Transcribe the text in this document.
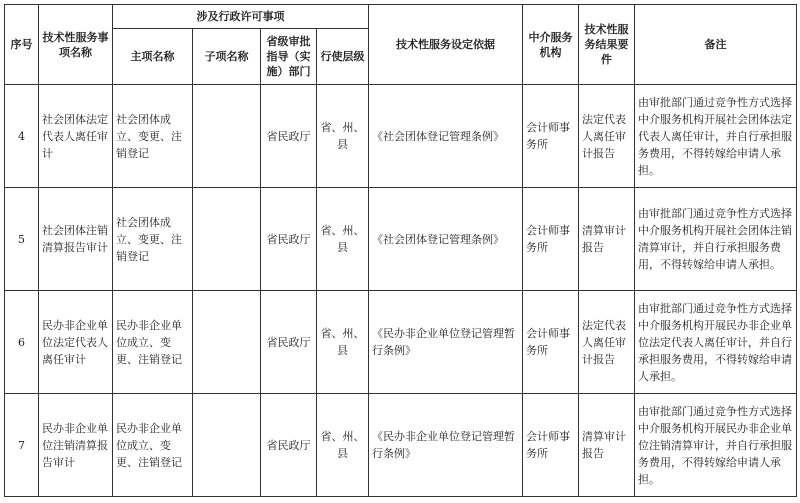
序号	技术性服务事项名称	涉及行政许可事项				技术性服务设定依据	中介服务机构	技术性服务结果要件	备注
		主项名称	子项名称	省级审批指导（实施）部门	行使层级				
4	社会团体法定代表人离任审计	社会团体成立、变更、注销登记		省民政厅	省、州、县	《社会团体登记管理条例》	会计师事务所	法定代表人离任审计报告	由审批部门通过竞争性方式选择中介服务机构开展社会团体法定代表人离任审计，并自行承担服务费用，不得转嫁给申请人承担。
5	社会团体注销清算报告审计	社会团体成立、变更、注销登记		省民政厅	省、州、县	《社会团体登记管理条例》	会计师事务所	清算审计报告	由审批部门通过竞争性方式选择中介服务机构开展社会团体注销清算审计，并自行承担服务费用，不得转嫁给申请人承担。
6	民办非企业单位法定代表人离任审计	民办非企业单位成立、变更、注销登记		省民政厅	省、州、县	《民办非企业单位登记管理暂行条例》	会计师事务所	法定代表人离任审计报告	由审批部门通过竞争性方式选择中介服务机构开展民办非企业单位法定代表人离任审计，并自行承担服务费用，不得转嫁给申请人承担。
7	民办非企业单位注销清算报告审计	民办非企业单位成立、变更、注销登记		省民政厅	省、州、县	《民办非企业单位登记管理暂行条例》	会计师事务所	清算审计报告	由审批部门通过竞争性方式选择中介服务机构开展民办非企业单位注销清算审计，并自行承担服务费用，不得转嫁给申请人承担。
